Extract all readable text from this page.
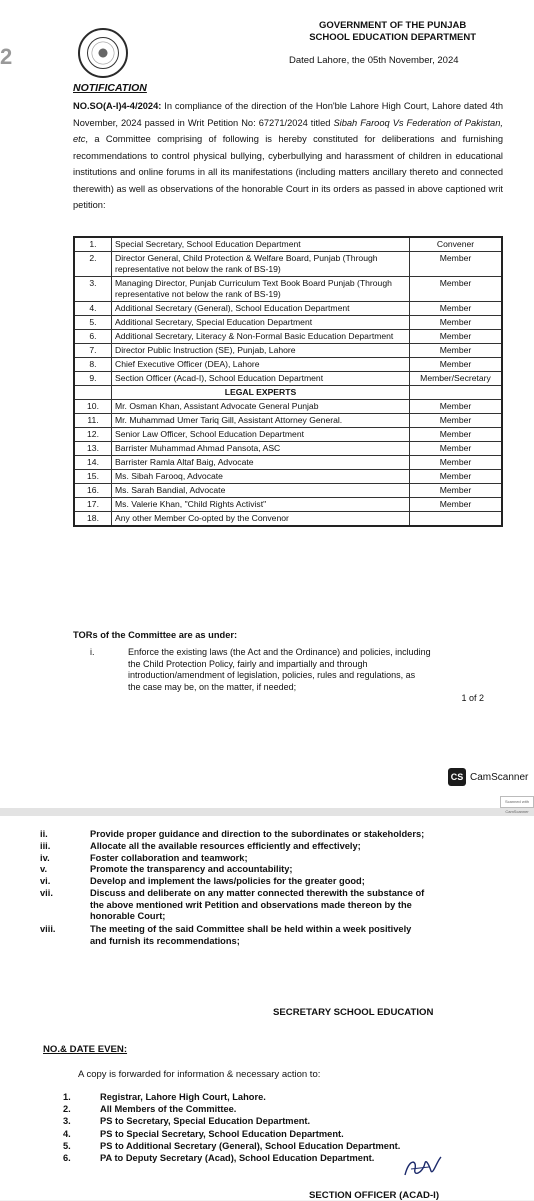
2
GOVERNMENT OF THE PUNJAB
SCHOOL EDUCATION DEPARTMENT
Dated Lahore, the 05th November, 2024
NOTIFICATION
NO.SO(A-I)4-4/2024: In compliance of the direction of the Hon'ble Lahore High Court, Lahore dated 4th November, 2024 passed in Writ Petition No: 67271/2024 titled Sibah Farooq Vs Federation of Pakistan, etc, a Committee comprising of following is hereby constituted for deliberations and furnishing recommendations to control physical bullying, cyberbullying and harassment of children in educational institutions and online forums in all its manifestations (including matters ancillary thereto and connected therewith) as well as observations of the honorable Court in its orders as passed in above captioned writ petition:
1.	Special Secretary, School Education Department	Convener
2.	Director General, Child Protection & Welfare Board, Punjab (Through representative not below the rank of BS-19)	Member
3.	Managing Director, Punjab Curriculum Text Book Board Punjab (Through representative not below the rank of BS-19)	Member
4.	Additional Secretary (General), School Education Department	Member
5.	Additional Secretary, Special Education Department	Member
6.	Additional Secretary, Literacy & Non-Formal Basic Education Department	Member
7.	Director Public Instruction (SE), Punjab, Lahore	Member
8.	Chief Executive Officer (DEA), Lahore	Member
9.	Section Officer (Acad-I), School Education Department	Member/Secretary
	LEGAL EXPERTS	
10.	Mr. Osman Khan, Assistant Advocate General Punjab	Member
11.	Mr. Muhammad Umer Tariq Gill, Assistant Attorney General.	Member
12.	Senior Law Officer, School Education Department	Member
13.	Barrister Muhammad Ahmad Pansota, ASC	Member
14.	Barrister Ramla Altaf Baig, Advocate	Member
15.	Ms. Sibah Farooq, Advocate	Member
16.	Ms. Sarah Bandial, Advocate	Member
17.	Ms. Valerie Khan, "Child Rights Activist"	Member
18.	Any other Member Co-opted by the Convenor	
TORs of the Committee are as under:
i.	Enforce the existing laws (the Act and the Ordinance) and policies, including
the Child Protection Policy, fairly and impartially and through
introduction/amendment of legislation, policies, rules and regulations, as
the case may be, on the matter, if needed;
1 of 2
CS CamScanner
Scanned with CamScanner
ii.	Provide proper guidance and direction to the subordinates or stakeholders;
iii.	Allocate all the available resources efficiently and effectively;
iv.	Foster collaboration and teamwork;
v.	Promote the transparency and accountability;
vi.	Develop and implement the laws/policies for the greater good;
vii.	Discuss and deliberate on any matter connected therewith the substance of
the above mentioned writ Petition and observations made thereon by the
honorable Court;
viii.	The meeting of the said Committee shall be held within a week positively
and furnish its recommendations;
SECRETARY SCHOOL EDUCATION
NO.& DATE EVEN:
A copy is forwarded for information & necessary action to:
1.	Registrar, Lahore High Court, Lahore.
2.	All Members of the Committee.
3.	PS to Secretary, Special Education Department.
4.	PS to Special Secretary, School Education Department.
5.	PS to Additional Secretary (General), School Education Department.
6.	PA to Deputy Secretary (Acad), School Education Department.
SECTION OFFICER (ACAD-I)
